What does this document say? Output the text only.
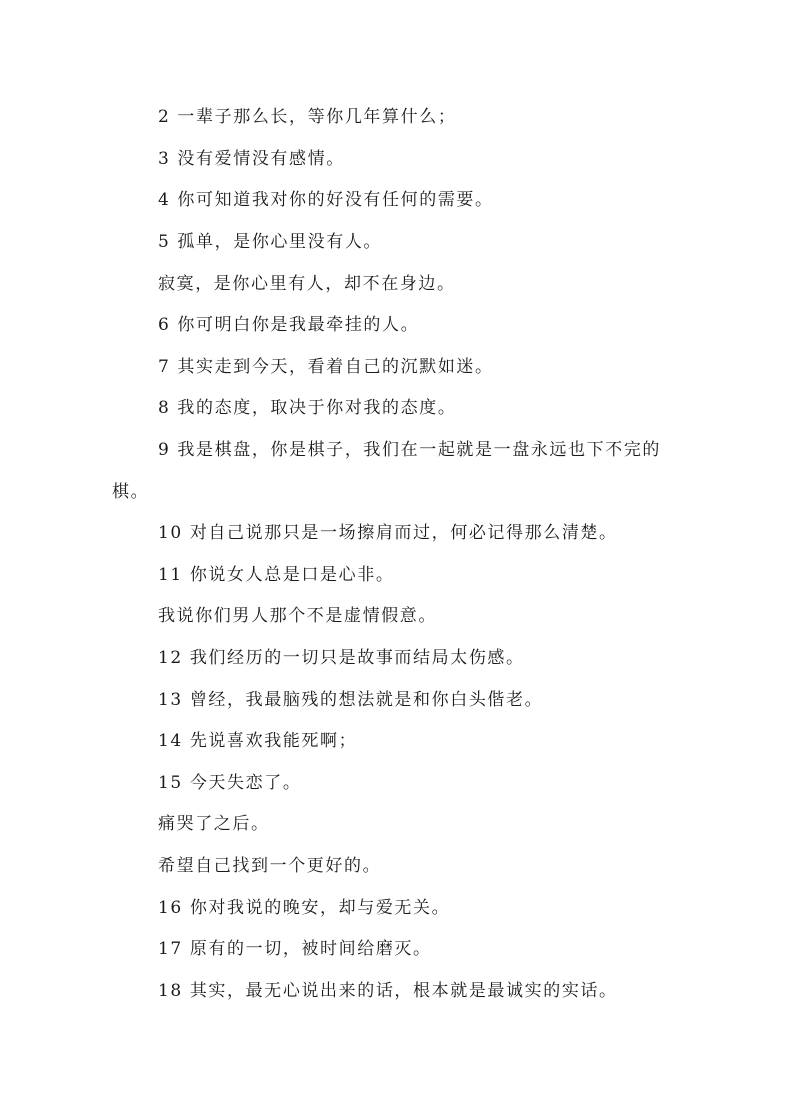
2 一辈子那么长，等你几年算什么；
3 没有爱情没有感情。
4 你可知道我对你的好没有任何的需要。
5 孤单，是你心里没有人。
寂寞，是你心里有人，却不在身边。
6 你可明白你是我最牵挂的人。
7 其实走到今天，看着自己的沉默如迷。
8 我的态度，取决于你对我的态度。
9 我是棋盘，你是棋子，我们在一起就是一盘永远也下不完的
棋。
10 对自己说那只是一场擦肩而过，何必记得那么清楚。
11 你说女人总是口是心非。
我说你们男人那个不是虚情假意。
12 我们经历的一切只是故事而结局太伤感。
13 曾经，我最脑残的想法就是和你白头偕老。
14 先说喜欢我能死啊；
15 今天失恋了。
痛哭了之后。
希望自己找到一个更好的。
16 你对我说的晚安，却与爱无关。
17 原有的一切，被时间给磨灭。
18 其实，最无心说出来的话，根本就是最诚实的实话。
